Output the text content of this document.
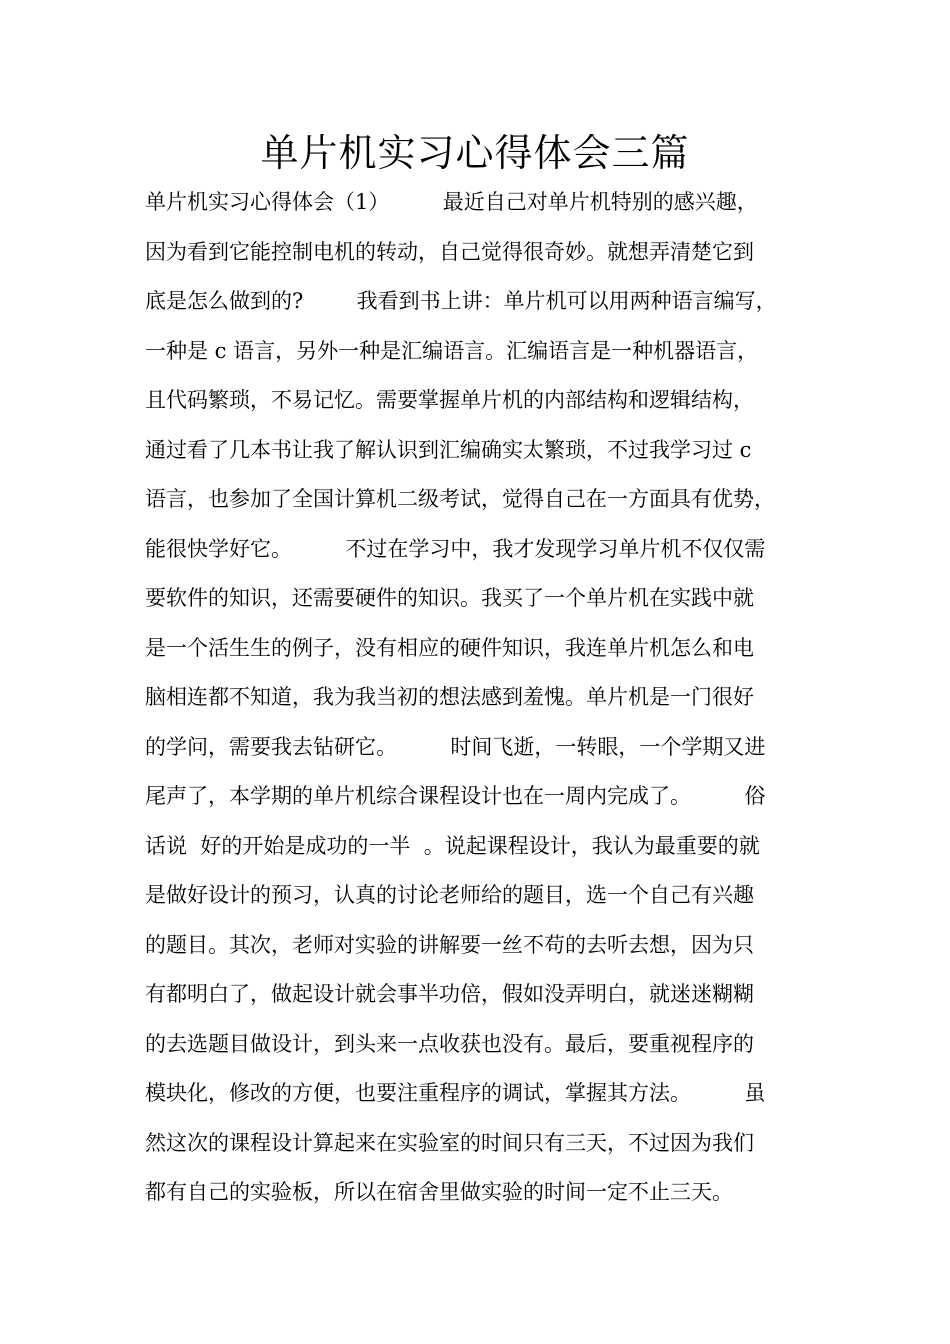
单片机实习心得体会三篇
单片机实习心得体会（1）        最近自己对单片机特别的感兴趣，
因为看到它能控制电机的转动，自己觉得很奇妙。就想弄清楚它到
底是怎么做到的?        我看到书上讲：单片机可以用两种语言编写，
一种是 c 语言，另外一种是汇编语言。汇编语言是一种机器语言，
且代码繁琐，不易记忆。需要掌握单片机的内部结构和逻辑结构，
通过看了几本书让我了解认识到汇编确实太繁琐，不过我学习过 c
语言，也参加了全国计算机二级考试，觉得自己在一方面具有优势，
能很快学好它。        不过在学习中，我才发现学习单片机不仅仅需
要软件的知识，还需要硬件的知识。我买了一个单片机在实践中就
是一个活生生的例子，没有相应的硬件知识，我连单片机怎么和电
脑相连都不知道，我为我当初的想法感到羞愧。单片机是一门很好
的学问，需要我去钻研它。        时间飞逝，一转眼，一个学期又进
尾声了，本学期的单片机综合课程设计也在一周内完成了。        俗
话说  好的开始是成功的一半  。说起课程设计，我认为最重要的就
是做好设计的预习，认真的讨论老师给的题目，选一个自己有兴趣
的题目。其次，老师对实验的讲解要一丝不苟的去听去想，因为只
有都明白了，做起设计就会事半功倍，假如没弄明白，就迷迷糊糊
的去选题目做设计，到头来一点收获也没有。最后，要重视程序的
模块化，修改的方便，也要注重程序的调试，掌握其方法。        虽
然这次的课程设计算起来在实验室的时间只有三天，不过因为我们
都有自己的实验板，所以在宿舍里做实验的时间一定不止三天。
